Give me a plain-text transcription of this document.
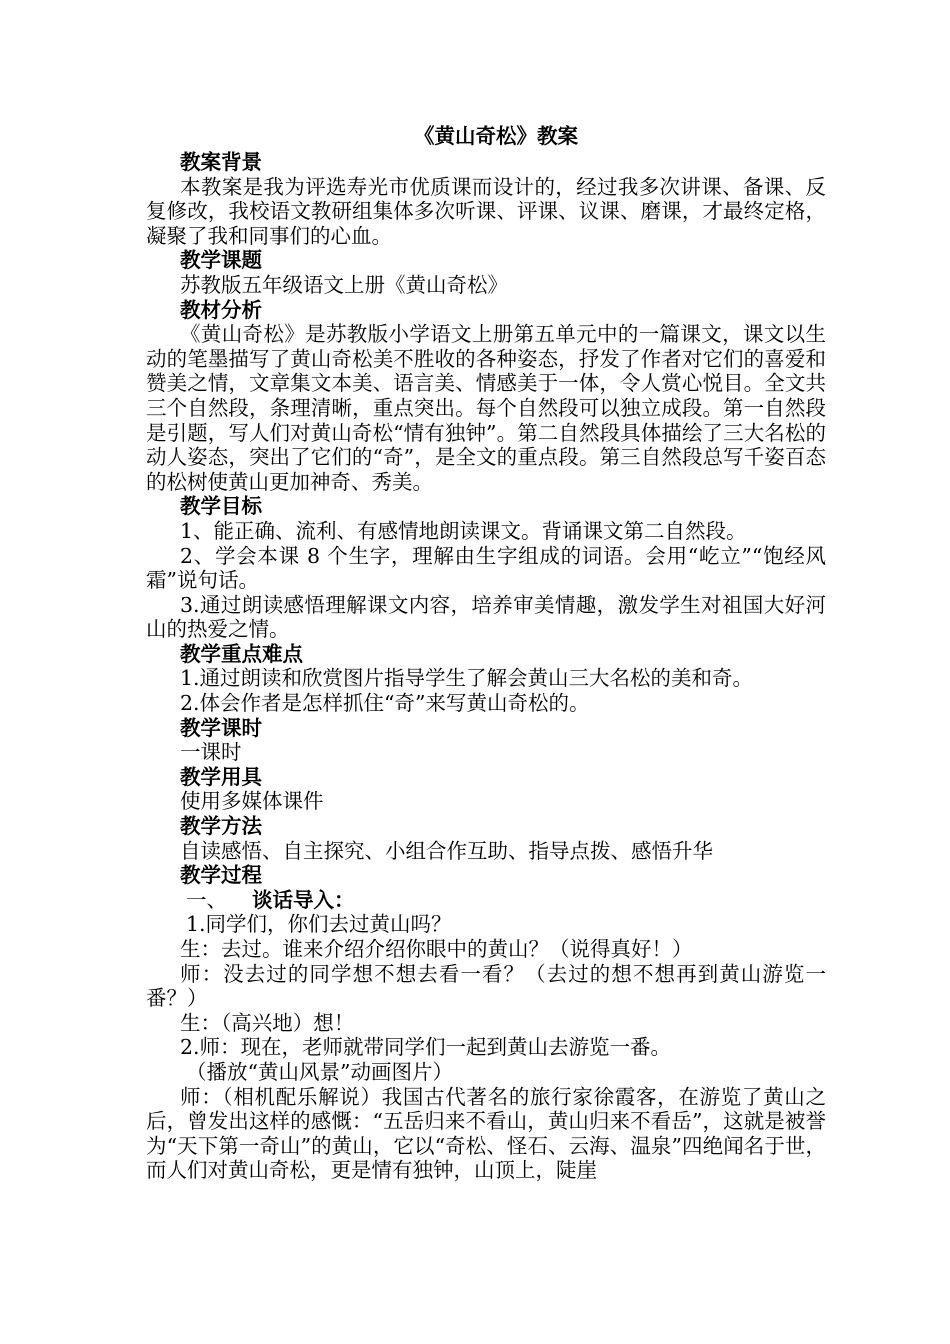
《黄山奇松》教案

教案背景

本教案是我为评选寿光市优质课而设计的，经过我多次讲课、备课、反复修改，我校语文教研组集体多次听课、评课、议课、磨课，才最终定格，凝聚了我和同事们的心血。

教学课题

苏教版五年级语文上册《黄山奇松》

教材分析

《黄山奇松》是苏教版小学语文上册第五单元中的一篇课文，课文以生动的笔墨描写了黄山奇松美不胜收的各种姿态，抒发了作者对它们的喜爱和赞美之情，文章集文本美、语言美、情感美于一体，令人赏心悦目。全文共三个自然段，条理清晰，重点突出。每个自然段可以独立成段。第一自然段是引题，写人们对黄山奇松“情有独钟”。第二自然段具体描绘了三大名松的动人姿态，突出了它们的“奇”，是全文的重点段。第三自然段总写千姿百态的松树使黄山更加神奇、秀美。

教学目标

1、能正确、流利、有感情地朗读课文。背诵课文第二自然段。

2、学会本课 8 个生字，理解由生字组成的词语。会用“屹立”“饱经风霜”说句话。

3.通过朗读感悟理解课文内容，培养审美情趣，激发学生对祖国大好河山的热爱之情。

教学重点难点

1.通过朗读和欣赏图片指导学生了解会黄山三大名松的美和奇。

2.体会作者是怎样抓住“奇”来写黄山奇松的。

教学课时

一课时

教学用具

使用多媒体课件

教学方法

自读感悟、自主探究、小组合作互助、指导点拨、感悟升华

教学过程

一、 谈话导入：

1.同学们，你们去过黄山吗？

生：去过。谁来介绍介绍你眼中的黄山？（说得真好！）

师：没去过的同学想不想去看一看？（去过的想不想再到黄山游览一番？）

生：（高兴地）想！

2.师：现在，老师就带同学们一起到黄山去游览一番。

（播放“黄山风景”动画图片）

师：（相机配乐解说）我国古代著名的旅行家徐霞客，在游览了黄山之后，曾发出这样的感慨：“五岳归来不看山，黄山归来不看岳”，这就是被誉为“天下第一奇山”的黄山，它以“奇松、怪石、云海、温泉”四绝闻名于世，而人们对黄山奇松，更是情有独钟，山顶上，陡崖
